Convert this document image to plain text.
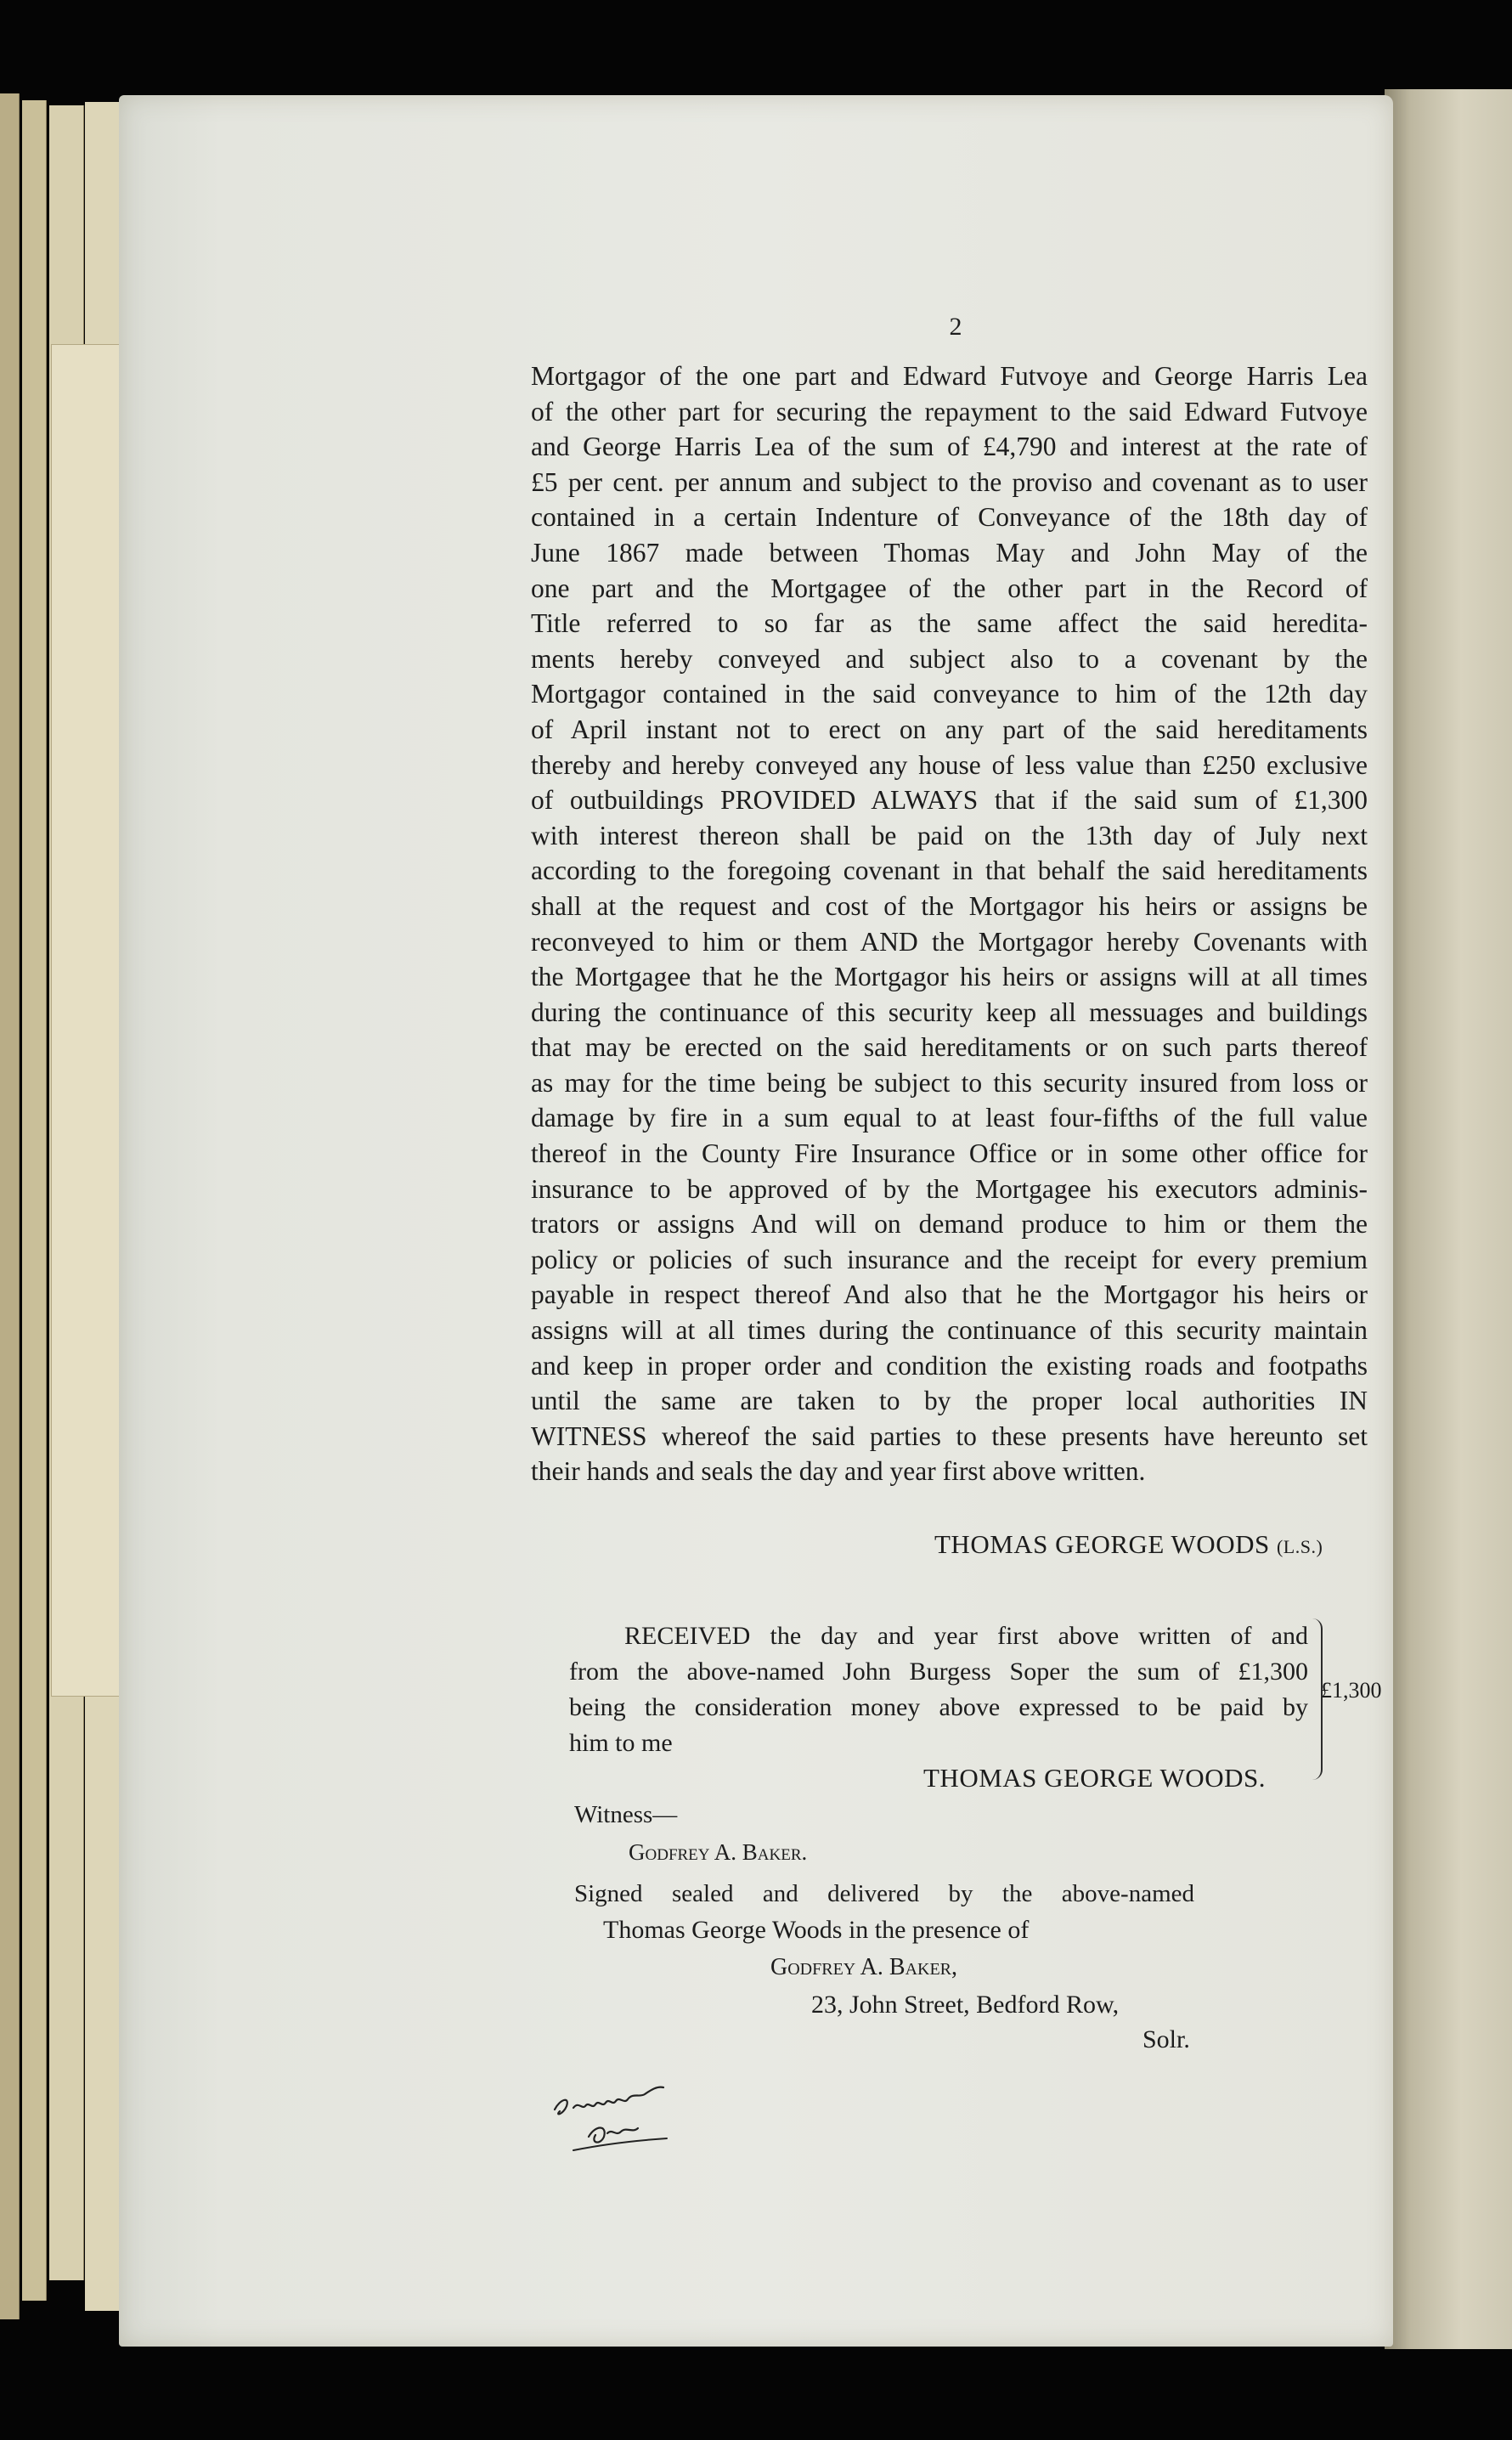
2
Mortgagor of the one part and Edward Futvoye and George Harris Lea
of the other part for securing the repayment to the said Edward Futvoye
and George Harris Lea of the sum of £4,790 and interest at the rate of
£5 per cent. per annum and subject to the proviso and covenant as to user
contained in a certain Indenture of Conveyance of the 18th day of
June 1867 made between Thomas May and John May of the
one part and the Mortgagee of the other part in the Record of
Title referred to so far as the same affect the said heredita-
ments hereby conveyed and subject also to a covenant by the
Mortgagor contained in the said conveyance to him of the 12th day
of April instant not to erect on any part of the said hereditaments
thereby and hereby conveyed any house of less value than £250 exclusive
of outbuildings PROVIDED ALWAYS that if the said sum of £1,300
with interest thereon shall be paid on the 13th day of July next
according to the foregoing covenant in that behalf the said hereditaments
shall at the request and cost of the Mortgagor his heirs or assigns be
reconveyed to him or them AND the Mortgagor hereby Covenants with
the Mortgagee that he the Mortgagor his heirs or assigns will at all times
during the continuance of this security keep all messuages and buildings
that may be erected on the said hereditaments or on such parts thereof
as may for the time being be subject to this security insured from loss or
damage by fire in a sum equal to at least four-fifths of the full value
thereof in the County Fire Insurance Office or in some other office for
insurance to be approved of by the Mortgagee his executors adminis-
trators or assigns And will on demand produce to him or them the
policy or policies of such insurance and the receipt for every premium
payable in respect thereof And also that he the Mortgagor his heirs or
assigns will at all times during the continuance of this security maintain
and keep in proper order and condition the existing roads and footpaths
until the same are taken to by the proper local authorities IN
WITNESS whereof the said parties to these presents have hereunto set
their hands and seals the day and year first above written.
THOMAS GEORGE WOODS (L.S.)
RECEIVED the day and year first above written of and
from the above-named John Burgess Soper the sum of £1,300
being the consideration money above expressed to be paid by
him to me
THOMAS GEORGE WOODS.
£1,300
Witness—
Godfrey A. Baker.
Signed sealed and delivered by the above-named
Thomas George Woods in the presence of
Godfrey A. Baker,
23, John Street, Bedford Row,
Solr.
